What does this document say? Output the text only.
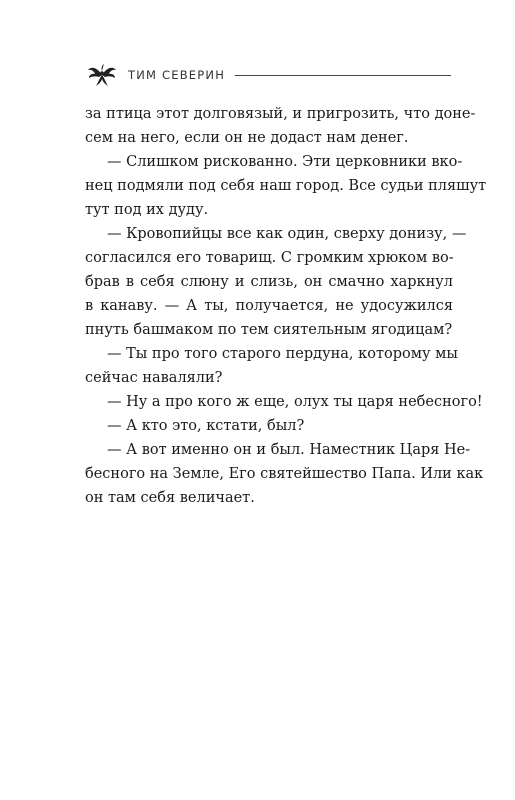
ТИМ СЕВЕРИН
за птица этот долговязый, и пригрозить, что доне-
сем на него, если он не додаст нам денег.
— Слишком рискованно. Эти церковники вко-
нец подмяли под себя наш город. Все судьи пляшут
тут под их дуду.
— Кровопийцы все как один, сверху донизу, —
согласился его товарищ. С громким хрюком во-
брав в себя слюну и слизь, он смачно харкнул
в канаву. — А ты, получается, не удосужился
пнуть башмаком по тем сиятельным ягодицам?
— Ты про того старого пердуна, которому мы
сейчас наваляли?
— Ну а про кого ж еще, олух ты царя небесного!
— А кто это, кстати, был?
— А вот именно он и был. Наместник Царя Не-
бесного на Земле, Его святейшество Папа. Или как
он там себя величает.
